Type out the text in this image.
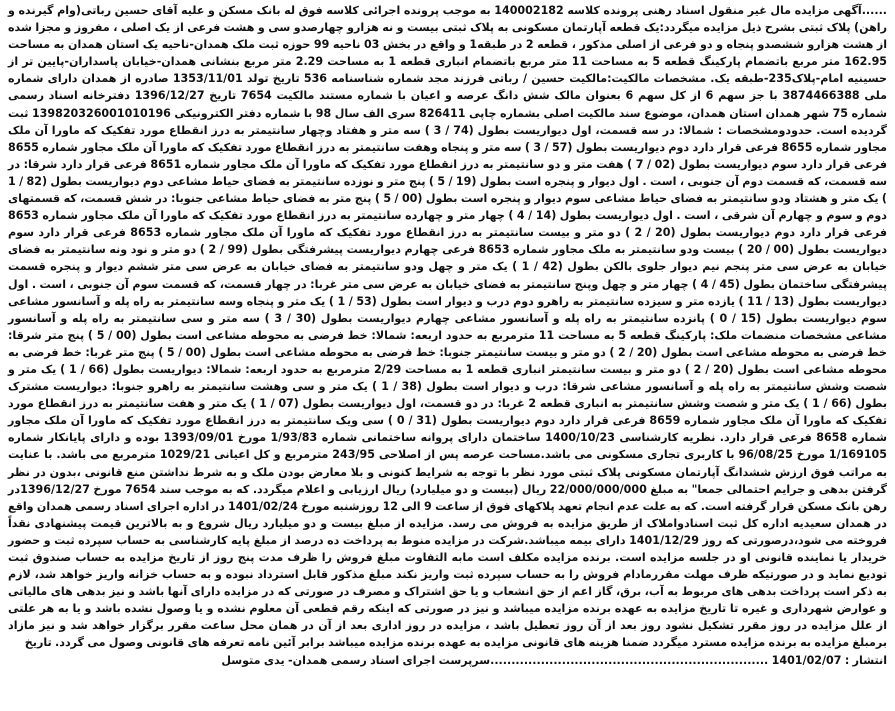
......آگهی مزایده مال غیر منقول اسناد رهنی پرونده کلاسه 140002182 به موجب پرونده اجرائی کلاسه فوق له بانک مسکن و علیه آقای حسین رباتی(وام گیرنده و راهن) پلاک ثبتی بشرح ذیل مزایده میگردد:یک قطعه آپارتمان مسکونی به پلاک ثبتی بیست و نه هزارو چهارصدو سی و هشت فرعی از یک اصلی ، مفروز و مجزا شده از هشت هزارو ششصدو پنجاه و دو فرعی از اصلی مذکور ، قطعه 2 در طبقه1 و واقع در بخش 03 ناحیه 99 حوزه ثبت ملک همدان-ناحیه یک استان همدان به مساحت 162.95 متر مربع باتضمام پارکینگ قطعه 5 به مساحت 11 متر مربع باتضمام انباری قطعه 1 به مساحت 2.29 متر مربع بنشانی همدان-خیابان پاسداران-پایین تر از حسینیه امام-پلاک235-طبقه یک. مشخصات مالکیت:مالکیت حسین / رباتی فرزند مجد شماره شناسنامه 536 تاریخ تولد 1353/11/01 صادره از همدان دارای شماره ملی 3874466388 با جز سهم 6 از کل سهم 6 بعنوان مالک شش دانگ عرصه و اعیان با شماره مستند مالکیت 7654 تاریخ 1396/12/27 دفترخانه اسناد رسمی شماره 75 شهر همدان استان همدان، موضوع سند مالکیت اصلی بشماره چاپی 826411 سری الف سال 98 با شماره دفتر الکترونیکی 139820326001010196 ثبت گردیده است. حدودومشخصات : شمالا: در سه قسمت، اول دیواریست بطول (74 / 3 ) سه متر و هفتاد وچهار سانتیمتر به درز انقطاع مورد تفکیک که ماورا آن ملک مجاور شماره 8655 فرعی قرار دارد دوم دیواریست بطول (57 / 3 ) سه متر و پنجاه وهفت سانتیمتر به درز انقطاع مورد تفکیک که ماورا آن ملک مجاور شماره 8655 فرعی قرار دارد سوم دیواریست بطول (02 / 7 ) هفت متر و دو سانتیمتر به درز انقطاع مورد تفکیک که ماورا آن ملک مجاور شماره 8651 فرعی قرار دارد شرقا: در سه قسمت، که قسمت دوم آن جنوبی ، است . اول دیوار و پنجره است بطول (19 / 5 ) پنج متر و نوزده سانتیمتر به فضای حیاط مشاعی دوم دیواریست بطول (82 / 1 ) یک متر و هشتاد ودو سانتیمتر به فضای حیاط مشاعی سوم دیوار و پنجره است بطول (00 / 5 ) پنج متر به فضای حیاط مشاعی جنوبا: در شش قسمت، که قسمتهای دوم و سوم و چهارم آن شرقی ، است . اول دیواریست بطول (14 / 4 ) چهار متر و چهارده سانتیمتر به درز انقطاع مورد تفکیک که ماورا آن ملک مجاور شماره 8653 فرعی قرار دارد دوم دیواریست بطول (20 / 2 ) دو متر و بیست سانتیمتر به درز انقطاع مورد تفکیک که ماورا آن ملک مجاور شماره 8653 فرعی قرار دارد سوم دیواریست بطول (00 / 20 ) بیست ودو سانتیمتر به ملک مجاور شماره 8653 فرعی چهارم دیواریست پیشرفتگی بطول (99 / 2 ) دو متر و نود ونه سانتیمتر به فضای خیابان به عرض سی متر پنجم نیم دیوار جلوی بالکن بطول (42 / 1 ) یک متر و چهل ودو سانتیمتر به فضای خیابان به عرض سی متر ششم دیوار و پنجره قسمت پیشرفتگی ساختمان بطول (45 / 4 ) چهار متر و چهل وپنج سانتیمتر به فضای خیابان به عرض سی متر غربا: در چهار قسمت، که قسمت سوم آن جنوبی ، است . اول دیواریست بطول (13 / 11 ) یازده متر و سیزده سانتیمتر به راهرو دوم درب و دیوار است بطول (53 / 1 ) یک متر و پنجاه وسه سانتیمتر به راه پله و آسانسور مشاعی سوم دیواریست بطول (15 / 0 ) پانزده سانتیمتر به راه پله و آسانسور مشاعی چهارم دیواریست بطول (30 / 3 ) سه متر و سی سانتیمتر به راه پله و آسانسور مشاعی مشخصات منضمات ملک: پارکینگ قطعه 5 به مساحت 11 مترمربع به حدود اربعه: شمالا: خط فرضی به محوطه مشاعی است بطول (00 / 5 ) پنج متر شرقا: خط فرضی به محوطه مشاعی است بطول (20 / 2 ) دو متر و بیست سانتیمتر جنوبا: خط فرضی به محوطه مشاعی است بطول (00 / 5 ) پنج متر غربا: خط فرضی به محوطه مشاعی است بطول (20 / 2 ) دو متر و بیست سانتیمتر انباری قطعه 1 به مساحت 2/29 مترمربع به حدود اربعه: شمالا: دیواریست بطول (66 / 1 ) یک متر و شصت وشش سانتیمتر به راه پله و آسانسور مشاعی شرقا: درب و دیوار است بطول (38 / 1 ) یک متر و سی وهشت سانتیمتر به راهرو جنوبا: دیواریست مشترک بطول (66 / 1 ) یک متر و شصت وشش سانتیمتر به انباری قطعه 2 غربا: در دو قسمت، اول دیواریست بطول (07 / 1 ) یک متر و هفت سانتیمتر به درز انقطاع مورد تفکیک که ماورا آن ملک مجاور شماره 8659 فرعی قرار دارد دوم دیواریست بطول (31 / 0 ) سی ویک سانتیمتر به درز انقطاع مورد تفکیک که ماورا آن ملک مجاور شماره 8658 فرعی قرار دارد. نظریه کارشناسی 1400/10/23 ساختمان دارای پروانه ساختمانی شماره 1/93/83 مورخ 1393/09/01 بوده و دارای پایانکار شماره 1/169105 مورخ 96/08/25 با کاربری تجاری مسکونی می باشد.مساحت عرصه پس از اصلاحی 243/95 مترمربع و کل اعیانی 1029/21 مترمربع می باشد. با عنایت به مراتب فوق ارزش ششدانگ آپارتمان مسکونی پلاک ثبتی مورد نظر با توجه به شرایط کنونی و بلا معارض بودن ملک و به شرط نداشتن منع قانونی ،بدون در نظر گرفتن بدهی و جرایم احتمالی جمعا" به مبلغ 22/000/000/000 ریال (بیست و دو میلیارد) ریال ارزیابی و اعلام میگردد. که به موجب سند 7654 مورخ 1396/12/27در رهن بانک مسکن قرار گرفته است. که به علت عدم انجام تعهد پلاکهای فوق از ساعت 9 الی 12 روزشنبه مورخ 1401/02/24 در اداره اجرای اسناد رسمی همدان واقع در همدان سعیدیه اداره کل ثبت اسنادواملاک از طریق مزایده به فروش می رسد. مزایده از مبلغ بیست و دو میلیارد ریال شروع و به بالاترین قیمت پیشنهادی نقداً فروخته می شود،درصورتی که روز 1401/12/29 دارای بیمه میباشد.شرکت در مزایده منوط به پرداخت ده درصد از مبلغ پایه کارشناسی به حساب سپرده ثبت و حضور خریدار یا نماینده قانونی او در جلسه مزایده است. برنده مزایده مکلف است مابه التفاوت مبلغ فروش را ظرف مدت پنج روز از تاریخ مزایده به حساب صندوق ثبت تودیع نماید و در صورتیکه ظرف مهلت مقررمادام فروش را به حساب سپرده ثبت واریز نکند مبلغ مذکور قابل استرداد نبوده و به حساب خزانه واریز خواهد شد، لازم به ذکر است پرداخت بدهی های مربوط به آب، برق، گاز اعم از حق انشعاب و یا حق اشتراک و مصرف در صورتی که در مزایده دارای آنها باشد و نیز بدهی های مالیاتی و عوارض شهرداری و غیره تا تاریخ مزایده به عهده برنده مزایده میباشد و نیز در صورتی که اینکه رقم قطعی آن معلوم نشده و یا وصول نشده باشد و یا به هر علتی از علل مزایده در روز مقرر تشکیل نشود روز بعد از آن روز تعطیل باشد ، مزایده در روز اداری بعد از آن در همان محل ساعت مقرر برگزار خواهد شد و نیز مازاد برمبلغ مزایده به برنده مزایده مسترد میگردد ضمنا هزینه های قانونی مزایده به عهده برنده مزایده میباشد برابر آئین نامه تعرفه های قانونی وصول می گردد. تاریخ

انتشار : 1401/02/07 ..................................................................سرپرست اجرای اسناد رسمی همدان- یدی متوسل
